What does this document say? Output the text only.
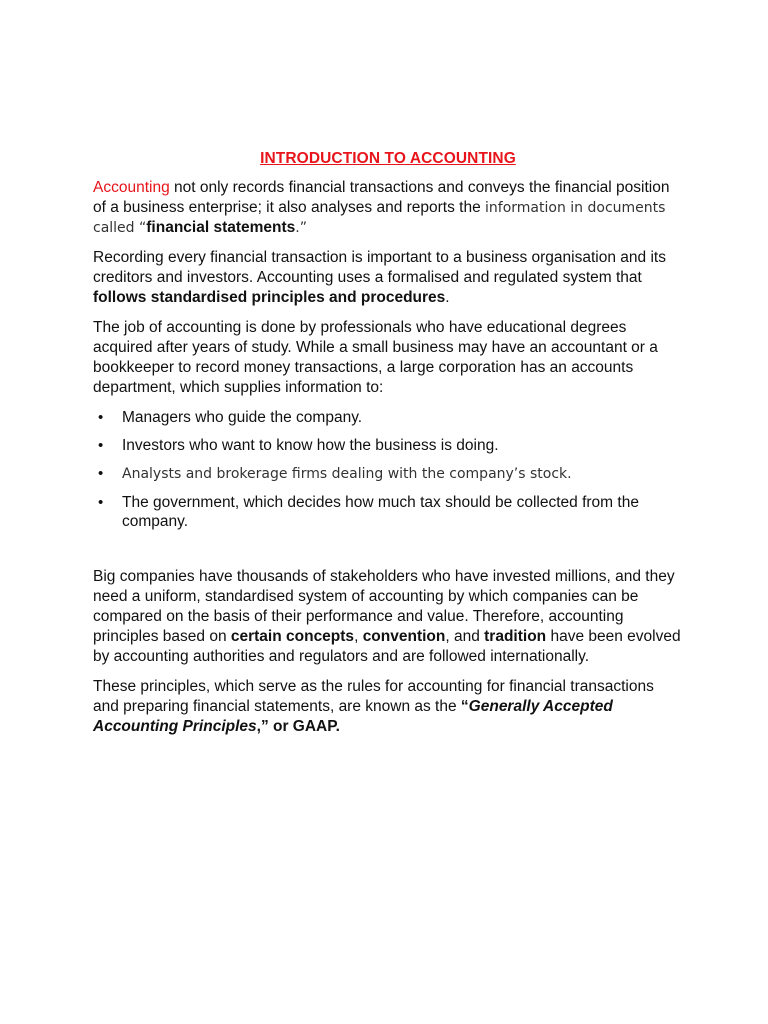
INTRODUCTION TO ACCOUNTING

Accounting not only records financial transactions and conveys the financial position of a business enterprise; it also analyses and reports the information in documents called “financial statements.”

Recording every financial transaction is important to a business organisation and its creditors and investors. Accounting uses a formalised and regulated system that follows standardised principles and procedures.

The job of accounting is done by professionals who have educational degrees acquired after years of study. While a small business may have an accountant or a bookkeeper to record money transactions, a large corporation has an accounts department, which supplies information to:

• Managers who guide the company.
• Investors who want to know how the business is doing.
• Analysts and brokerage firms dealing with the company’s stock.
• The government, which decides how much tax should be collected from the company.

Big companies have thousands of stakeholders who have invested millions, and they need a uniform, standardised system of accounting by which companies can be compared on the basis of their performance and value. Therefore, accounting principles based on certain concepts, convention, and tradition have been evolved by accounting authorities and regulators and are followed internationally.

These principles, which serve as the rules for accounting for financial transactions and preparing financial statements, are known as the “Generally Accepted Accounting Principles,” or GAAP.
